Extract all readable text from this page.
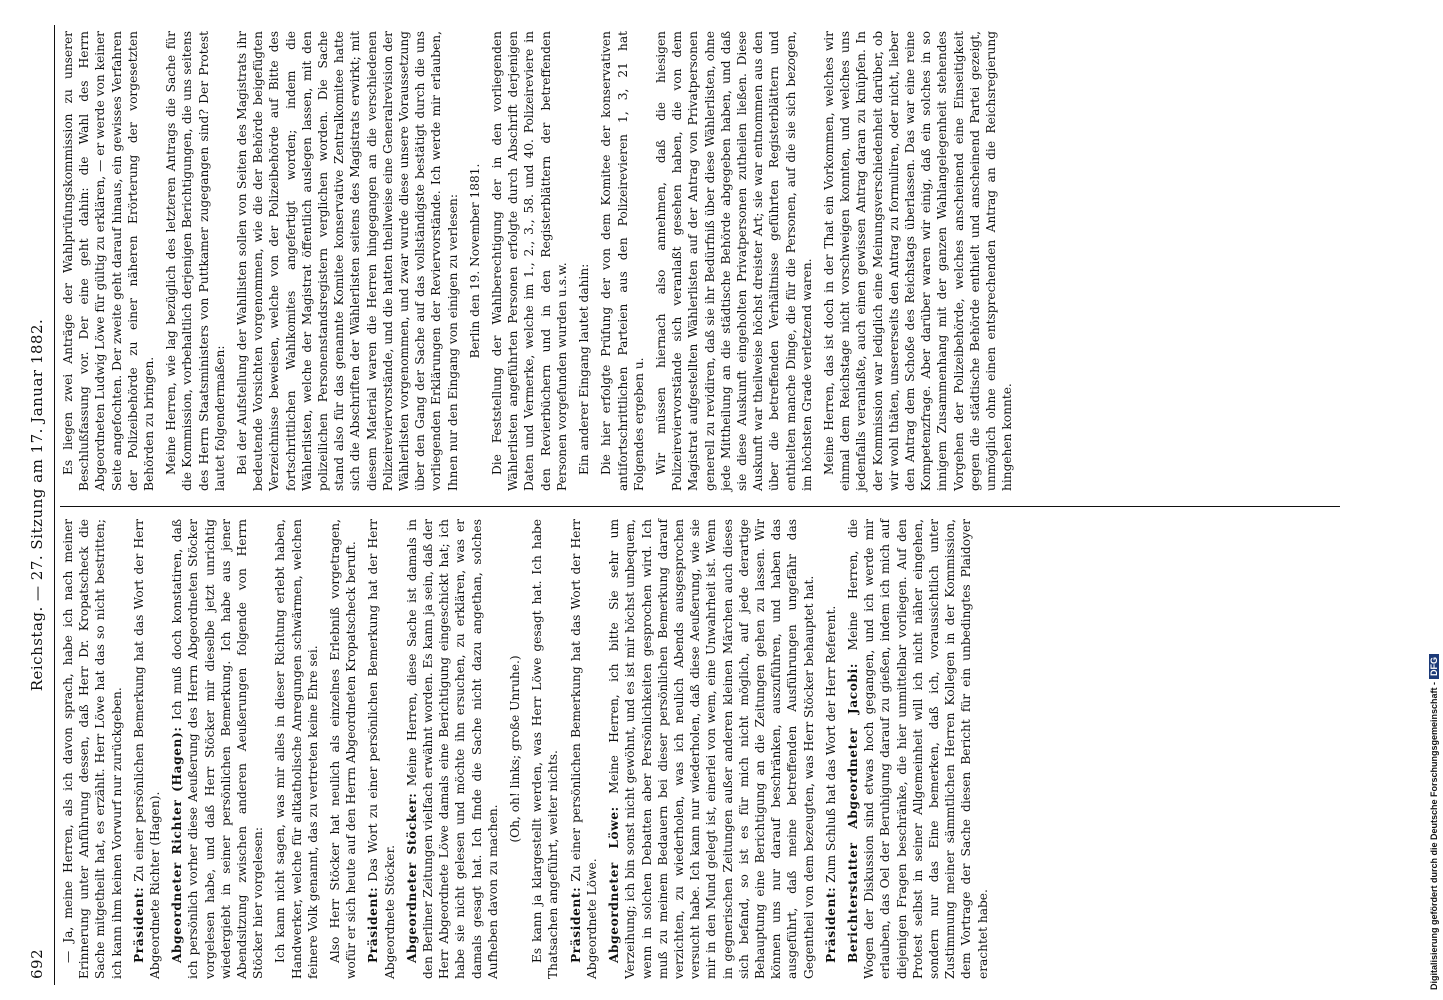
692
Reichstag. — 27. Sitzung am 17. Januar 1882.

— Ja, meine Herren, als ich davon sprach, habe ich nach meiner Erinnerung unter Anführung dessen, daß Herr Dr. Kropatscheck die Sache mitgetheilt hat, es erzählt. Herr Löwe hat das so nicht bestritten; ich kann ihm keinen Vorwurf nur zurückgeben. Präsident: Zu einer persönlichen Bemerkung hat das Wort der Herr Abgeordnete Richter (Hagen). Abgeordneter Richter (Hagen): Ich muß doch konstatiren, daß ich persönlich vorher diese Aeußerung des Herrn Abgeordneten Stöcker vorgelesen habe, und daß Herr Stöcker mir dieselbe jetzt unrichtig wiedergiebt in seiner persönlichen Bemerkung. Ich habe aus jener Abendsitzung zwischen anderen Aeußerungen folgende von Herrn Stöcker hier vorgelesen: Ich kann nicht sagen, was mir alles in dieser Richtung erlebt haben, Handwerker, welche für altkatholische Anregungen schwärmen, welchen feinere Volk genannt, das zu vertreten keine Ehre sei. Also Herr Stöcker hat neulich als einzelnes Erlebniß vorgetragen, wofür er sich heute auf den Herrn Abgeordneten Kropatscheck beruft. Präsident: Das Wort zu einer persönlichen Bemerkung hat der Herr Abgeordnete Stöcker. Abgeordneter Stöcker: Meine Herren, diese Sache ist damals in den Berliner Zeitungen vielfach erwähnt worden. Es kann ja sein, daß der Herr Abgeordnete Löwe damals eine Berichtigung eingeschickt hat; ich habe sie nicht gelesen und möchte ihn ersuchen, zu erklären, was er damals gesagt hat. Ich finde die Sache nicht dazu angethan, solches Aufheben davon zu machen.

(Oh, oh! links; große Unruhe.) Es kann ja klargestellt werden, was Herr Löwe gesagt hat. Ich habe Thatsachen angeführt, weiter nichts. Präsident: Zu einer persönlichen Bemerkung hat das Wort der Herr Abgeordnete Löwe. Abgeordneter Löwe: Meine Herren, ich bitte Sie sehr um Verzeihung; ich bin sonst nicht gewöhnt, und es ist mir höchst unbequem, wenn in solchen Debatten aber Persönlichkeiten gesprochen wird. Ich muß zu meinem Bedauern bei dieser persönlichen Bemerkung darauf verzichten, zu wiederholen, was ich neulich Abends ausgesprochen versucht habe. Ich kann nur wiederholen, daß diese Aeußerung, wie sie mir in den Mund gelegt ist, einerlei von wem, eine Unwahrheit ist. Wenn in gegnerischen Zeitungen außer anderen kleinen Märchen auch dieses sich befand, so ist es für mich nicht möglich, auf jede derartige Behauptung eine Berichtigung an die Zeitungen gehen zu lassen. Wir können uns nur darauf beschränken, auszuführen, und haben das ausgeführt, daß meine betreffenden Ausführungen ungefähr das Gegentheil von dem bezeugten, was Herr Stöcker behauptet hat. Präsident: Zum Schluß hat das Wort der Herr Referent. Berichterstatter Abgeordneter Jacobi: Meine Herren, die Wogen der Diskussion sind etwas hoch gegangen, und ich werde mir erlauben, das Oel der Beruhigung darauf zu gießen, indem ich mich auf diejenigen Fragen beschränke, die hier unmittelbar vorliegen. Auf den Protest selbst in seiner Allgemeinheit will ich nicht näher eingehen, sondern nur das Eine bemerken, daß ich, voraussichtlich unter Zustimmung meiner sämmtlichen Herren Kollegen in der Kommission, dem Vortrage der Sache diesen Bericht für ein unbedingtes Plaidoyer erachtet habe.

Es liegen zwei Anträge der Wahlprüfungskommission zu unserer Beschlußfassung vor. Der eine geht dahin: die Wahl des Herrn Abgeordneten Ludwig Löwe für gültig zu erklären, — er werde von keiner Seite angefochten. Der zweite geht darauf hinaus, ein gewisses Verfahren der Polizeibehörde zu einer näheren Erörterung der vorgesetzten Behörden zu bringen. Meine Herren, wie lag bezüglich des letzteren Antrags die Sache für die Kommission, vorbehaltlich derjenigen Berichtigungen, die uns seitens des Herrn Staatsministers von Puttkamer zugegangen sind? Der Protest lautet folgendermaßen: Bei der Aufstellung der Wahllisten sollen von Seiten des Magistrats ihr bedeutende Vorsichten vorgenommen, wie die der Behörde beigefügten Verzeichnisse beweisen, welche von der Polizeibehörde auf Bitte des fortschrittlichen Wahlkomites angefertigt worden; indem die Wählerlisten, welche der Magistrat öffentlich auslegen lassen, mit den polizeilichen Personenstandsregistern verglichen worden. Die Sache stand also für das genannte Komitee konservative Zentralkomitee hatte sich die Abschriften der Wählerlisten seitens des Magistrats erwirkt; mit diesem Material waren die Herren hingegangen an die verschiedenen Polizeireviervorstände, und die hatten theilweise eine Generalrevision der Wählerlisten vorgenommen, und zwar wurde diese unsere Voraussetzung über den Gang der Sache auf das vollständigste bestätigt durch die uns vorliegenden Erklärungen der Reviervorstände. Ich werde mir erlauben, Ihnen nur den Eingang von einigen zu verlesen: Berlin den 19. November 1881. Die Feststellung der Wahlberechtigung der in den vorliegenden Wählerlisten angeführten Personen erfolgte durch Abschrift derjenigen Daten und Vermerke, welche im 1., 2., 3., 58. und 40. Polizeireviere in den Revierbüchern und in den Registerblättern der betreffenden Personen vorgefunden wurden u.s.w. Ein anderer Eingang lautet dahin: Die hier erfolgte Prüfung der von dem Komitee der konservativen antifortschrittlichen Parteien aus den Polizeirevieren 1, 3, 21 hat Folgendes ergeben u. Wir müssen hiernach also annehmen, daß die hiesigen Polizeireviervorstände sich veranlaßt gesehen haben, die von dem Magistrat aufgestellten Wählerlisten auf der Antrag von Privatpersonen generell zu revidiren, daß sie ihr Bedürfniß über diese Wählerlisten, ohne jede Mittheilung an die städtische Behörde abgegeben haben, und daß sie diese Auskunft eingeholten Privatpersonen zutheilen ließen. Diese Auskunft war theilweise höchst dreister Art; sie war entnommen aus den über die betreffenden Verhältnisse geführten Registerblättern und enthielten manche Dinge, die für die Personen, auf die sie sich bezogen, im höchsten Grade verletzend waren. Meine Herren, das ist doch in der That ein Vorkommen, welches wir einmal dem Reichstage nicht vorschweigen konnten, und welches uns jedenfalls veranlaßte, auch einen gewissen Antrag daran zu knüpfen. In der Kommission war lediglich eine Meinungsverschiedenheit darüber, ob wir wohl thäten, unsererseits den Antrag zu formuliren, oder nicht, lieber den Antrag dem Schoße des Reichstags überlassen. Das war eine reine Kompetenzfrage. Aber darüber waren wir einig, daß ein solches in so innigem Zusammenhang mit der ganzen Wahlangelegenheit stehendes Vorgehen der Polizeibehörde, welches anscheinend eine Einseitigkeit gegen die städtische Behörde enthielt und anscheinend Partei gezeigt, unmöglich ohne einen entsprechenden Antrag an die Reichsregierung hingehen konnte.

Digitalisierung gefördert durch die Deutsche Forschungsgemeinschaft -DFG
